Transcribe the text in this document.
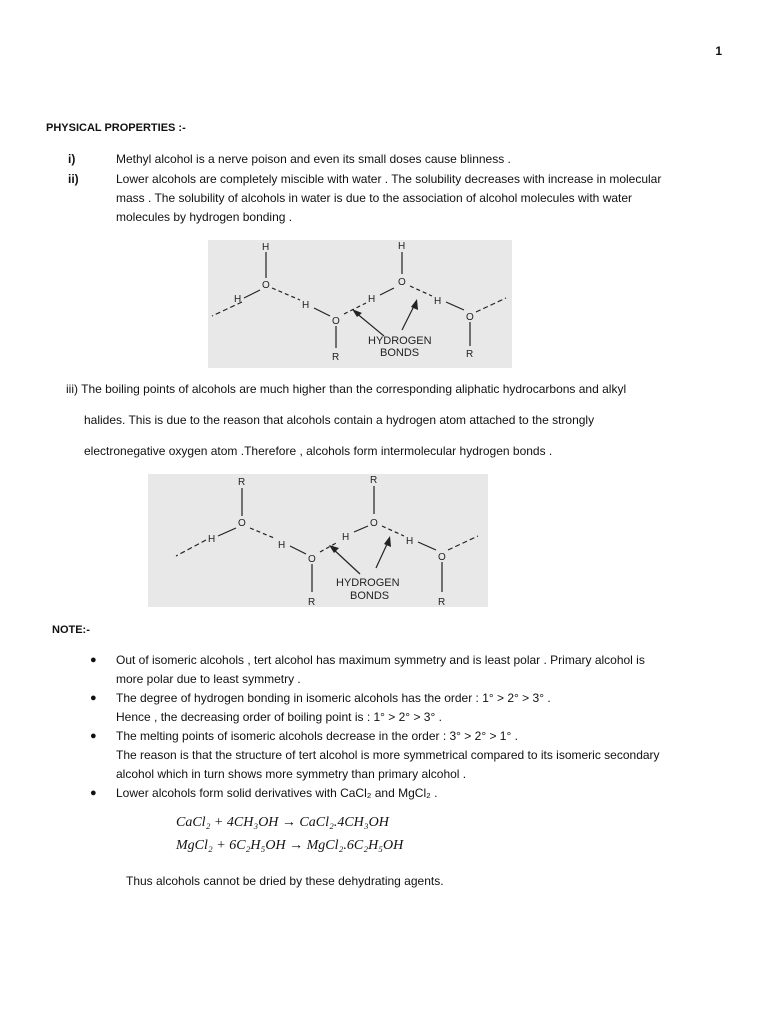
1
PHYSICAL PROPERTIES :-
i)	Methyl alcohol is a nerve poison and even its small doses cause blinness .
ii)	Lower alcohols are completely miscible with water . The solubility decreases with increase in molecular
mass . The solubility of alcohols in water is due to the association of alcohol molecules with water
molecules by hydrogen bonding .
H
O
H
H
O
R
H
H
O
H
O
R
HYDROGEN
BONDS
iii) The boiling points of alcohols are much higher than the corresponding aliphatic hydrocarbons and alkyl
halides. This is due to the reason that alcohols contain a hydrogen atom attached to the strongly
electronegative oxygen atom .Therefore , alcohols form intermolecular hydrogen bonds .
R
O
H
H
O
R
H
R
O
H
O
R
HYDROGEN
BONDS
NOTE:-
● Out of isomeric alcohols , tert alcohol has maximum symmetry and is least polar . Primary alcohol is
more polar due to least symmetry .
● The degree of hydrogen bonding in isomeric alcohols has the order : 1° > 2° > 3° .
Hence , the decreasing order of boiling point is : 1° > 2° > 3° .
● The melting points of isomeric alcohols decrease in the order : 3° > 2° > 1° .
The reason is that the structure of tert alcohol is more symmetrical compared to its isomeric secondary
alcohol which in turn shows more symmetry than primary alcohol .
● Lower alcohols form solid derivatives with CaCl₂ and MgCl₂ .
CaCl₂ + 4CH₃OH → CaCl₂.4CH₃OH
MgCl₂ + 6C₂H₅OH → MgCl₂.6C₂H₅OH
Thus alcohols cannot be dried by these dehydrating agents.
